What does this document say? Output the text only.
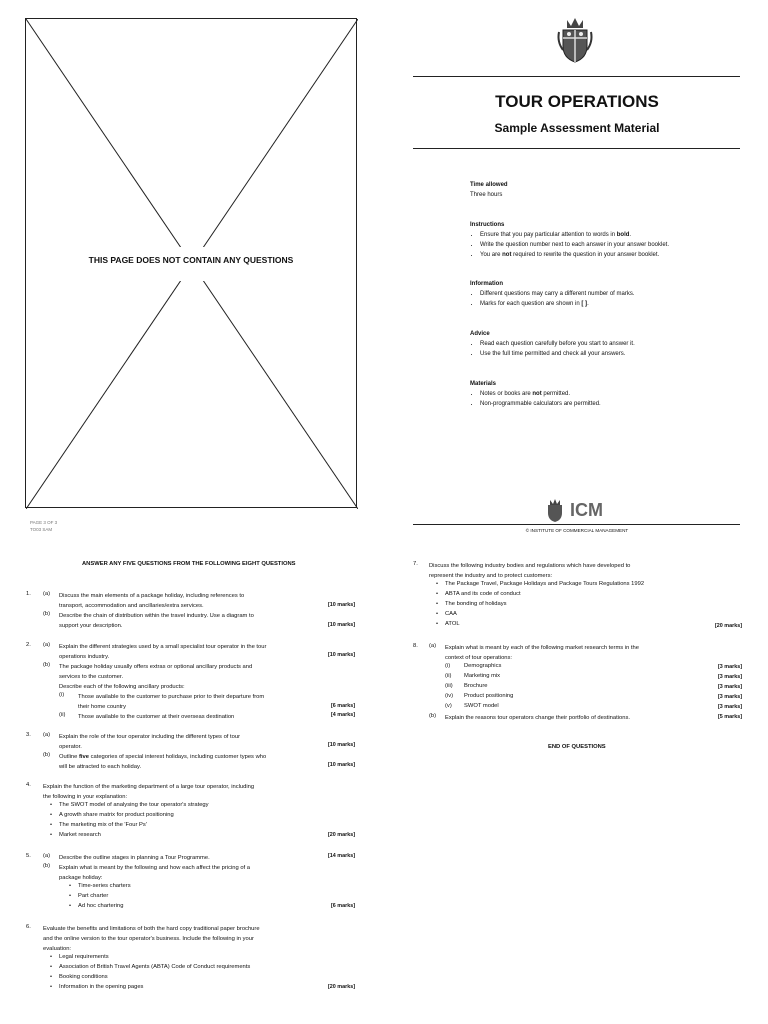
THIS PAGE DOES NOT CONTAIN ANY QUESTIONS
PAGE 3 OF 3
TO03 SAM
TOUR OPERATIONS
Sample Assessment Material
Time allowed
Three hours
Instructions
• Ensure that you pay particular attention to words in bold.
• Write the question number next to each answer in your answer booklet.
• You are not required to rewrite the question in your answer booklet.
Information
• Different questions may carry a different number of marks.
• Marks for each question are shown in [ ].
Advice
• Read each question carefully before you start to answer it.
• Use the full time permitted and check all your answers.
Materials
• Notes or books are not permitted.
• Non-programmable calculators are permitted.
ICM
© INSTITUTE OF COMMERCIAL MANAGEMENT
ANSWER ANY FIVE QUESTIONS FROM THE FOLLOWING EIGHT QUESTIONS
1. (a) Discuss the main elements of a package holiday, including references to
transport, accommodation and ancillaries/extra services.	[10 marks]
(b) Describe the chain of distribution within the travel industry. Use a diagram to
support your description.	[10 marks]
2. (a) Explain the different strategies used by a small specialist tour operator in the tour
operations industry.	[10 marks]
(b) The package holiday usually offers extras or optional ancillary products and
services to the customer.
Describe each of the following ancillary products:
(i) Those available to the customer to purchase prior to their departure from
their home country	[6 marks]
(ii) Those available to the customer at their overseas destination	[4 marks]
3. (a) Explain the role of the tour operator including the different types of tour
operator.	[10 marks]
(b) Outline five categories of special interest holidays, including customer types who
will be attracted to each holiday.	[10 marks]
4. Explain the function of the marketing department of a large tour operator, including
the following in your explanation:
• The SWOT model of analysing the tour operator's strategy
• A growth share matrix for product positioning
• The marketing mix of the 'Four Ps'
• Market research	[20 marks]
5. (a) Describe the outline stages in planning a Tour Programme.	[14 marks]
(b) Explain what is meant by the following and how each affect the pricing of a
package holiday:
• Time-series charters
• Part charter
• Ad hoc chartering	[6 marks]
6. Evaluate the benefits and limitations of both the hard copy traditional paper brochure
and the online version to the tour operator's business. Include the following in your
evaluation:
• Legal requirements
• Association of British Travel Agents (ABTA) Code of Conduct requirements
• Booking conditions
• Information in the opening pages	[20 marks]
7. Discuss the following industry bodies and regulations which have developed to
represent the industry and to protect customers:
• The Package Travel, Package Holidays and Package Tours Regulations 1992
• ABTA and its code of conduct
• The bonding of holidays
• CAA
• ATOL	[20 marks]
8. (a) Explain what is meant by each of the following market research terms in the
context of tour operations:
(i) Demographics	[3 marks]
(ii) Marketing mix	[3 marks]
(iii) Brochure	[3 marks]
(iv) Product positioning	[3 marks]
(v) SWOT model	[3 marks]
(b) Explain the reasons tour operators change their portfolio of destinations.	[5 marks]
END OF QUESTIONS
